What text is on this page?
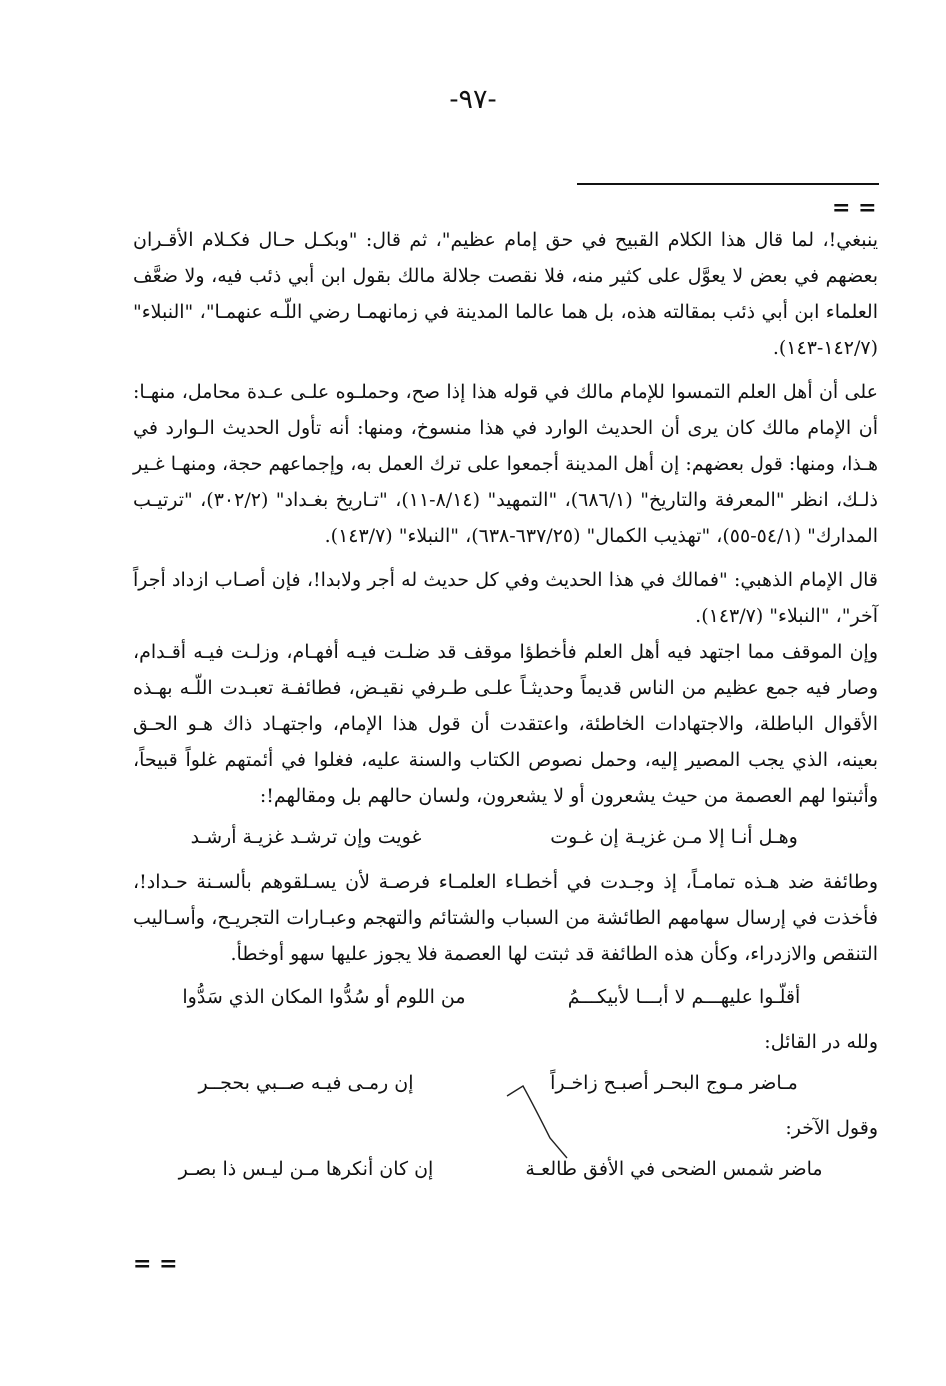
-٩٧-
= =

ينبغي!، لما قال هذا الكلام القبيح في حق إمام عظيم"، ثم قال: "وبكـل حـال فكـلام الأقـران بعضهم في بعض لا يعوَّل على كثير منه، فلا نقصت جلالة مالك بقول ابن أبي ذئب فيه، ولا ضعَّف العلماء ابن أبي ذئب بمقالته هذه، بل هما عالما المدينة في زمانهمـا رضي اللّـه عنهمـا"، "النبلاء" (١٤٢/٧-١٤٣).

على أن أهل العلم التمسوا للإمام مالك في قوله هذا إذا صح، وحملـوه علـى عـدة محامل، منهـا: أن الإمام مالك كان يرى أن الحديث الوارد في هذا منسوخ، ومنها: أنه تأول الحديث الـوارد في هـذا، ومنها: قول بعضهم: إن أهل المدينة أجمعوا على ترك العمل به، وإجماعهم حجة، ومنهـا غـير ذلـك، انظر "المعرفة والتاريخ" (٦٨٦/١)، "التمهيد" (٨/١٤-١١)، "تـاريخ بغـداد" (٣٠٢/٢)، "ترتيـب المدارك" (٥٤/١-٥٥)، "تهذيب الكمال" (٦٣٧/٢٥-٦٣٨)، "النبلاء" (١٤٣/٧).

قال الإمام الذهبي: "فمالك في هذا الحديث وفي كل حديث له أجر ولابدا!، فإن أصـاب ازداد أجراً آخر"، "النبلاء" (١٤٣/٧).

وإن الموقف مما اجتهد فيه أهل العلم فأخطؤا موقف قد ضلـت فيـه أفهـام، وزلـت فيـه أقـدام، وصار فيه جمع عظيم من الناس قديماً وحديثـاً علـى طـرفي نقيـض، فطائفـة تعبـدت اللّـه بهـذه الأقوال الباطلة، والاجتهادات الخاطئة، واعتقدت أن قول هذا الإمام، واجتهـاد ذاك هـو الحـق بعينه، الذي يجب المصير إليه، وحمل نصوص الكتاب والسنة عليه، فغلوا في أئمتهم غلواً قبيحاً، وأثبتوا لهم العصمة من حيث يشعرون أو لا يشعرون، ولسان حالهم بل ومقالهم!:

وهـل أنـا إلا مـن غزيـة إن غـوت
غويت وإن ترشـد غزيـة أرشـد

وطائفة ضد هـذه تمامـاً، إذ وجـدت في أخطـاء العلمـاء فرصـة لأن يسـلقوهم بألسـنة حـداد!، فأخذت في إرسال سهامهم الطائشة من السباب والشتائم والتهجم وعبـارات التجريـح، وأسـاليب التنقص والازدراء، وكأن هذه الطائفة قد ثبتت لها العصمة فلا يجوز عليها سهو أوخطأ.

أقلّـوا عليهـــم لا أبـــا لأبيكـــمُ
من اللوم أو سُدُّوا المكان الذي سَدُّوا
ولله در القائل:
مـاضر مـوج البحـر أصبـح زاخـراً
إن رمـى فيـه صــبي بحجــر
وقول الآخر:
ماضر شمس الضحى في الأفق طالعـة
إن كان أنكرها مـن ليـس ذا بصـر
= =
